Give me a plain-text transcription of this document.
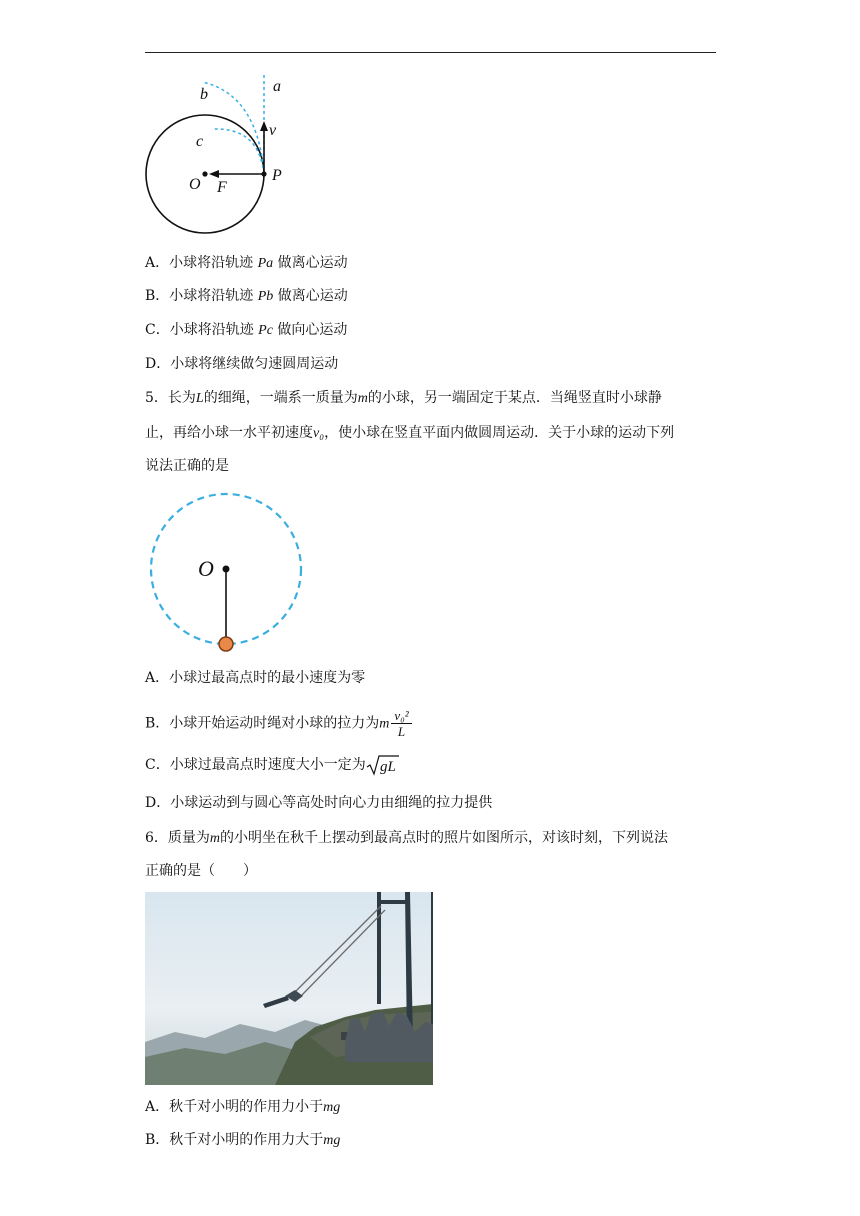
a
b
c
v
O F
P
A．小球将沿轨迹 Pa 做离心运动
B．小球将沿轨迹 Pb 做离心运动
C．小球将沿轨迹 Pc 做向心运动
D．小球将继续做匀速圆周运动
5．长为L的细绳，一端系一质量为m的小球，另一端固定于某点．当绳竖直时小球静
止，再给小球一水平初速度v₀，使小球在竖直平面内做圆周运动．关于小球的运动下列
说法正确的是
O
A．小球过最高点时的最小速度为零
B．小球开始运动时绳对小球的拉力为m $\frac{\text{v₀²}}{L}$
C．小球过最高点时速度大小一定为 gL
D．小球运动到与圆心等高处时向心力由细绳的拉力提供
6．质量为m的小明坐在秋千上摆动到最高点时的照片如图所示，对该时刻，下列说法
正确的是（　　）
A．秋千对小明的作用力小于mg
B．秋千对小明的作用力大于mg
